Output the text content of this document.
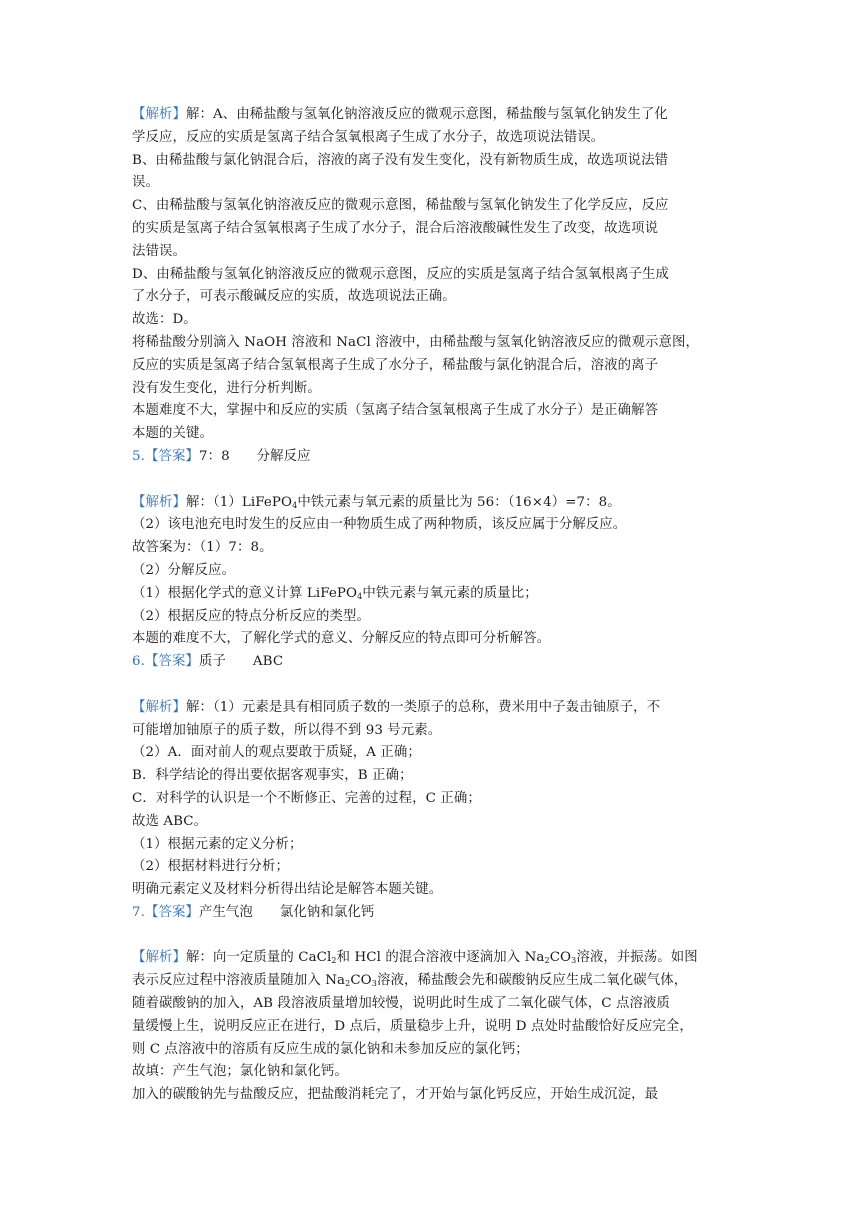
【解析】解：A、由稀盐酸与氢氧化钠溶液反应的微观示意图，稀盐酸与氢氧化钠发生了化
学反应，反应的实质是氢离子结合氢氧根离子生成了水分子，故选项说法错误。
B、由稀盐酸与氯化钠混合后，溶液的离子没有发生变化，没有新物质生成，故选项说法错
误。
C、由稀盐酸与氢氧化钠溶液反应的微观示意图，稀盐酸与氢氧化钠发生了化学反应，反应
的实质是氢离子结合氢氧根离子生成了水分子，混合后溶液酸碱性发生了改变，故选项说
法错误。
D、由稀盐酸与氢氧化钠溶液反应的微观示意图，反应的实质是氢离子结合氢氧根离子生成
了水分子，可表示酸碱反应的实质，故选项说法正确。
故选：D。
将稀盐酸分别滴入 NaOH 溶液和 NaCl 溶液中，由稀盐酸与氢氧化钠溶液反应的微观示意图，
反应的实质是氢离子结合氢氧根离子生成了水分子，稀盐酸与氯化钠混合后，溶液的离子
没有发生变化，进行分析判断。
本题难度不大，掌握中和反应的实质（氢离子结合氢氧根离子生成了水分子）是正确解答
本题的关键。
5.【答案】7：8　　分解反应
【解析】解：（1）LiFePO$_4$中铁元素与氧元素的质量比为 56：（16×4）=7：8。
（2）该电池充电时发生的反应由一种物质生成了两种物质，该反应属于分解反应。
故答案为：（1）7：8。
（2）分解反应。
（1）根据化学式的意义计算 LiFePO$_4$中铁元素与氧元素的质量比；
（2）根据反应的特点分析反应的类型。
本题的难度不大，了解化学式的意义、分解反应的特点即可分析解答。
6.【答案】质子　　ABC
【解析】解：（1）元素是具有相同质子数的一类原子的总称，费米用中子轰击铀原子，不
可能增加铀原子的质子数，所以得不到 93 号元素。
（2）A．面对前人的观点要敢于质疑，A 正确；
B．科学结论的得出要依据客观事实，B 正确；
C．对科学的认识是一个不断修正、完善的过程，C 正确；
故选 ABC。
（1）根据元素的定义分析；
（2）根据材料进行分析；
明确元素定义及材料分析得出结论是解答本题关键。
7.【答案】产生气泡　　氯化钠和氯化钙
【解析】解：向一定质量的 CaCl$_2$和 HCl 的混合溶液中逐滴加入 $Na_2CO_3$溶液，并振荡。如图
表示反应过程中溶液质量随加入 $Na_2CO_3$溶液，稀盐酸会先和碳酸钠反应生成二氧化碳气体，
随着碳酸钠的加入，AB 段溶液质量增加较慢，说明此时生成了二氧化碳气体，C 点溶液质
量缓慢上生，说明反应正在进行，D 点后，质量稳步上升，说明 D 点处时盐酸恰好反应完全，
则 C 点溶液中的溶质有反应生成的氯化钠和未参加反应的氯化钙；
故填：产生气泡；氯化钠和氯化钙。
加入的碳酸钠先与盐酸反应，把盐酸消耗完了，才开始与氯化钙反应，开始生成沉淀，最
